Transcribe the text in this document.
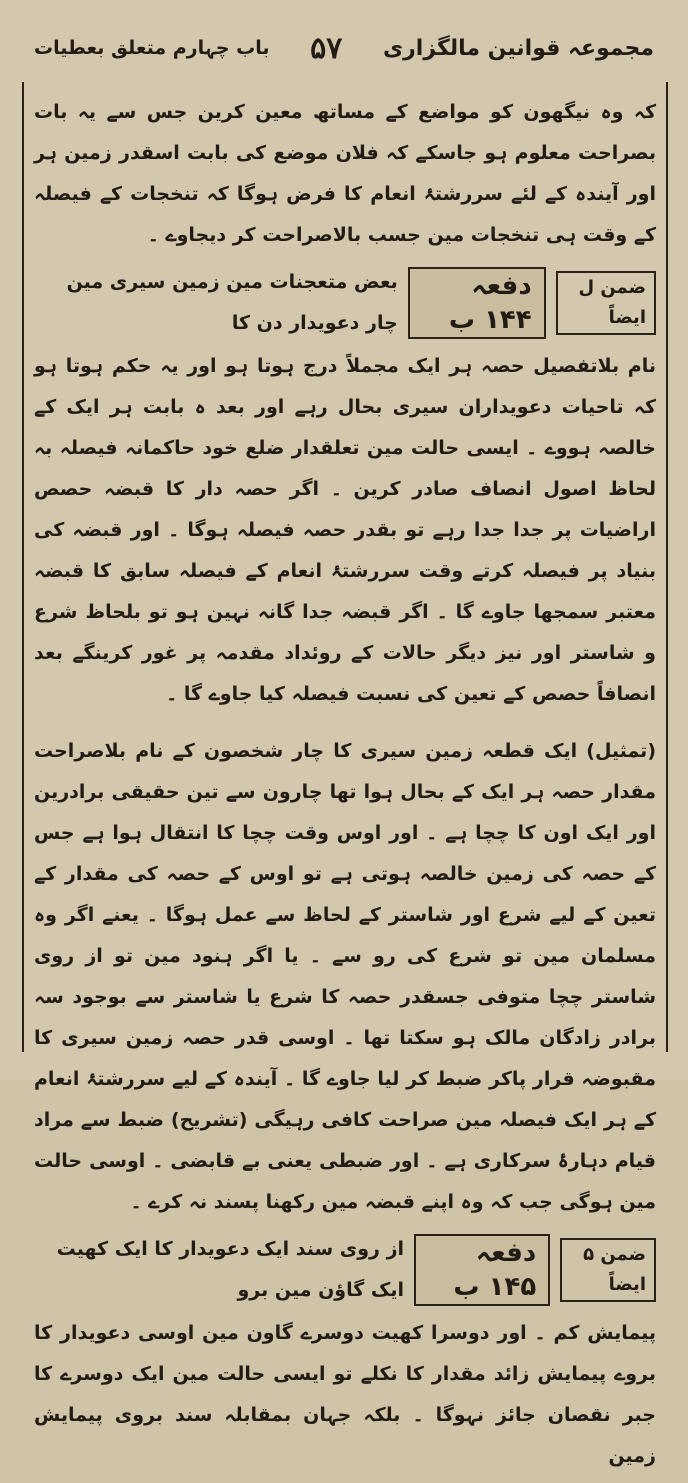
مجموعہ قوانین مالگزاری
۵۷
باب چہارم متعلق بعطیات

کہ وہ نیگھون کو مواضع کے مساتھ معین کرین جس سے یہ بات بصراحت معلوم ہو جاسکے کہ فلان موضع کی بابت اسقدر زمین ہر اور آیندہ کے لئے سررشتۂ انعام کا فرض ہوگا کہ تنخجات کے فیصلہ کے وقت ہی تنخجات مین جسب بالاصراحت کر دیجاوے ۔

ضمن ل ایضاً
دفعہ ۱۴۴ ب
بعض متعجنات مین زمین سیری مین چار دعویدار دن کا

نام بلاتفصیل حصہ ہر ایک مجملاً درج ہوتا ہو اور یہ حکم ہوتا ہو کہ تاحیات دعویداران سیری بحال رہے اور بعد ہ بابت ہر ایک کے خالصہ ہووے ۔ ایسی حالت مین تعلقدار ضلع خود حاکمانہ فیصلہ بہ لحاظ اصول انصاف صادر کرین ۔ اگر حصہ دار کا قبضہ حصص اراضیات پر جدا جدا رہے تو بقدر حصہ فیصلہ ہوگا ۔ اور قبضہ کی بنیاد پر فیصلہ کرتے وقت سررشتۂ انعام کے فیصلہ سابق کا قبضہ معتبر سمجھا جاوے گا ۔ اگر قبضہ جدا گانہ نہین ہو تو بلحاظ شرع و شاستر اور نیز دیگر حالات کے روئداد مقدمہ پر غور کرینگے بعد انصافاً حصص کے تعین کی نسبت فیصلہ کیا جاوے گا ۔

(تمثیل) ایک قطعہ زمین سیری کا چار شخصون کے نام بلاصراحت مقدار حصہ ہر ایک کے بحال ہوا تھا چارون سے تین حقیقی برادرین اور ایک اون کا چچا ہے ۔ اور اوس وقت چچا کا انتقال ہوا ہے جس کے حصہ کی زمین خالصہ ہوتی ہے تو اوس کے حصہ کی مقدار کے تعین کے لیے شرع اور شاستر کے لحاظ سے عمل ہوگا ۔ یعنے اگر وہ مسلمان مین تو شرع کی رو سے ۔ یا اگر ہنود مین تو از روی شاستر چچا متوفی جسقدر حصہ کا شرع یا شاستر سے بوجود سہ برادر زادگان مالک ہو سکتا تھا ۔ اوسی قدر حصہ زمین سیری کا مقبوضہ قرار پاکر ضبط کر لیا جاوے گا ۔ آیندہ کے لیے سررشتۂ انعام کے ہر ایک فیصلہ مین صراحت کافی رہیگی (تشریح) ضبط سے مراد قیام دہارۂ سرکاری ہے ۔ اور ضبطی یعنی بے قابضی ۔ اوسی حالت مین ہوگی جب کہ وہ اپنے قبضہ مین رکھنا پسند نہ کرے ۔

ضمن ۵ ایضاً
دفعہ ۱۴۵ ب
از روی سند ایک دعویدار کا ایک کھیت ایک گاؤن مین برو

پیمایش کم ۔ اور دوسرا کھیت دوسرے گاون مین اوسی دعویدار کا بروے پیمایش زائد مقدار کا نکلے تو ایسی حالت مین ایک دوسرے کا جبر نقصان جائز نہوگا ۔ بلکہ جہان بمقابلہ سند بروی پیمایش زمین
